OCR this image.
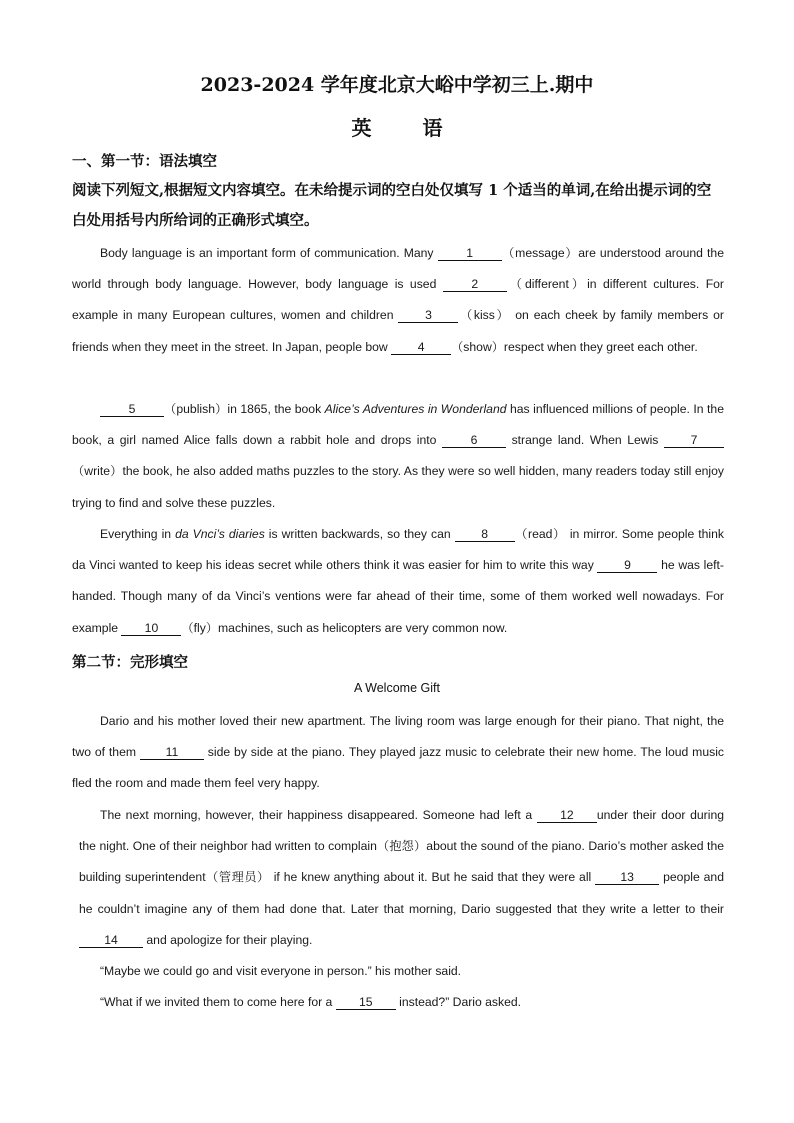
2023-2024 学年度北京大峪中学初三上.期中
英 语
一、第一节：语法填空
阅读下列短文,根据短文内容填空。在未给提示词的空白处仅填写 1 个适当的单词,在给出提示词的空白处用括号内所给词的正确形式填空。
Body language is an important form of communication. Many 1 （message）are understood around the world through body language. However, body language is used 2 （different）in different cultures. For example in many European cultures, women and children 3 （kiss） on each cheek by family members or friends when they meet in the street. In Japan, people bow 4 （show）respect when they greet each other.
5 （publish）in 1865, the book Alice’s Adventures in Wonderland has influenced millions of people. In the book, a girl named Alice falls down a rabbit hole and drops into 6 strange land. When Lewis 7（write）the book, he also added maths puzzles to the story. As they were so well hidden, many readers today still enjoy trying to find and solve these puzzles.
Everything in da Vnci’s diaries is written backwards, so they can 8 （read） in mirror. Some people think da Vinci wanted to keep his ideas secret while others think it was easier for him to write this way 9 he was left-handed. Though many of da Vinci’s ventions were far ahead of their time, some of them worked well nowadays. For example 10 （fly）machines, such as helicopters are very common now.
第二节：完形填空
A Welcome Gift
Dario and his mother loved their new apartment. The living room was large enough for their piano. That night, the two of them 11 side by side at the piano. They played jazz music to celebrate their new home. The loud music fled the room and made them feel very happy.
The next morning, however, their happiness disappeared. Someone had left a 12 under their door during the night. One of their neighbor had written to complain（抱怨）about the sound of the piano. Dario’s mother asked the building superintendent（管理员） if he knew anything about it. But he said that they were all 13 people and he couldn’t imagine any of them had done that. Later that morning, Dario suggested that they write a letter to their 14 and apologize for their playing.
“Maybe we could go and visit everyone in person.” his mother said.
“What if we invited them to come here for a 15 instead?” Dario asked.
